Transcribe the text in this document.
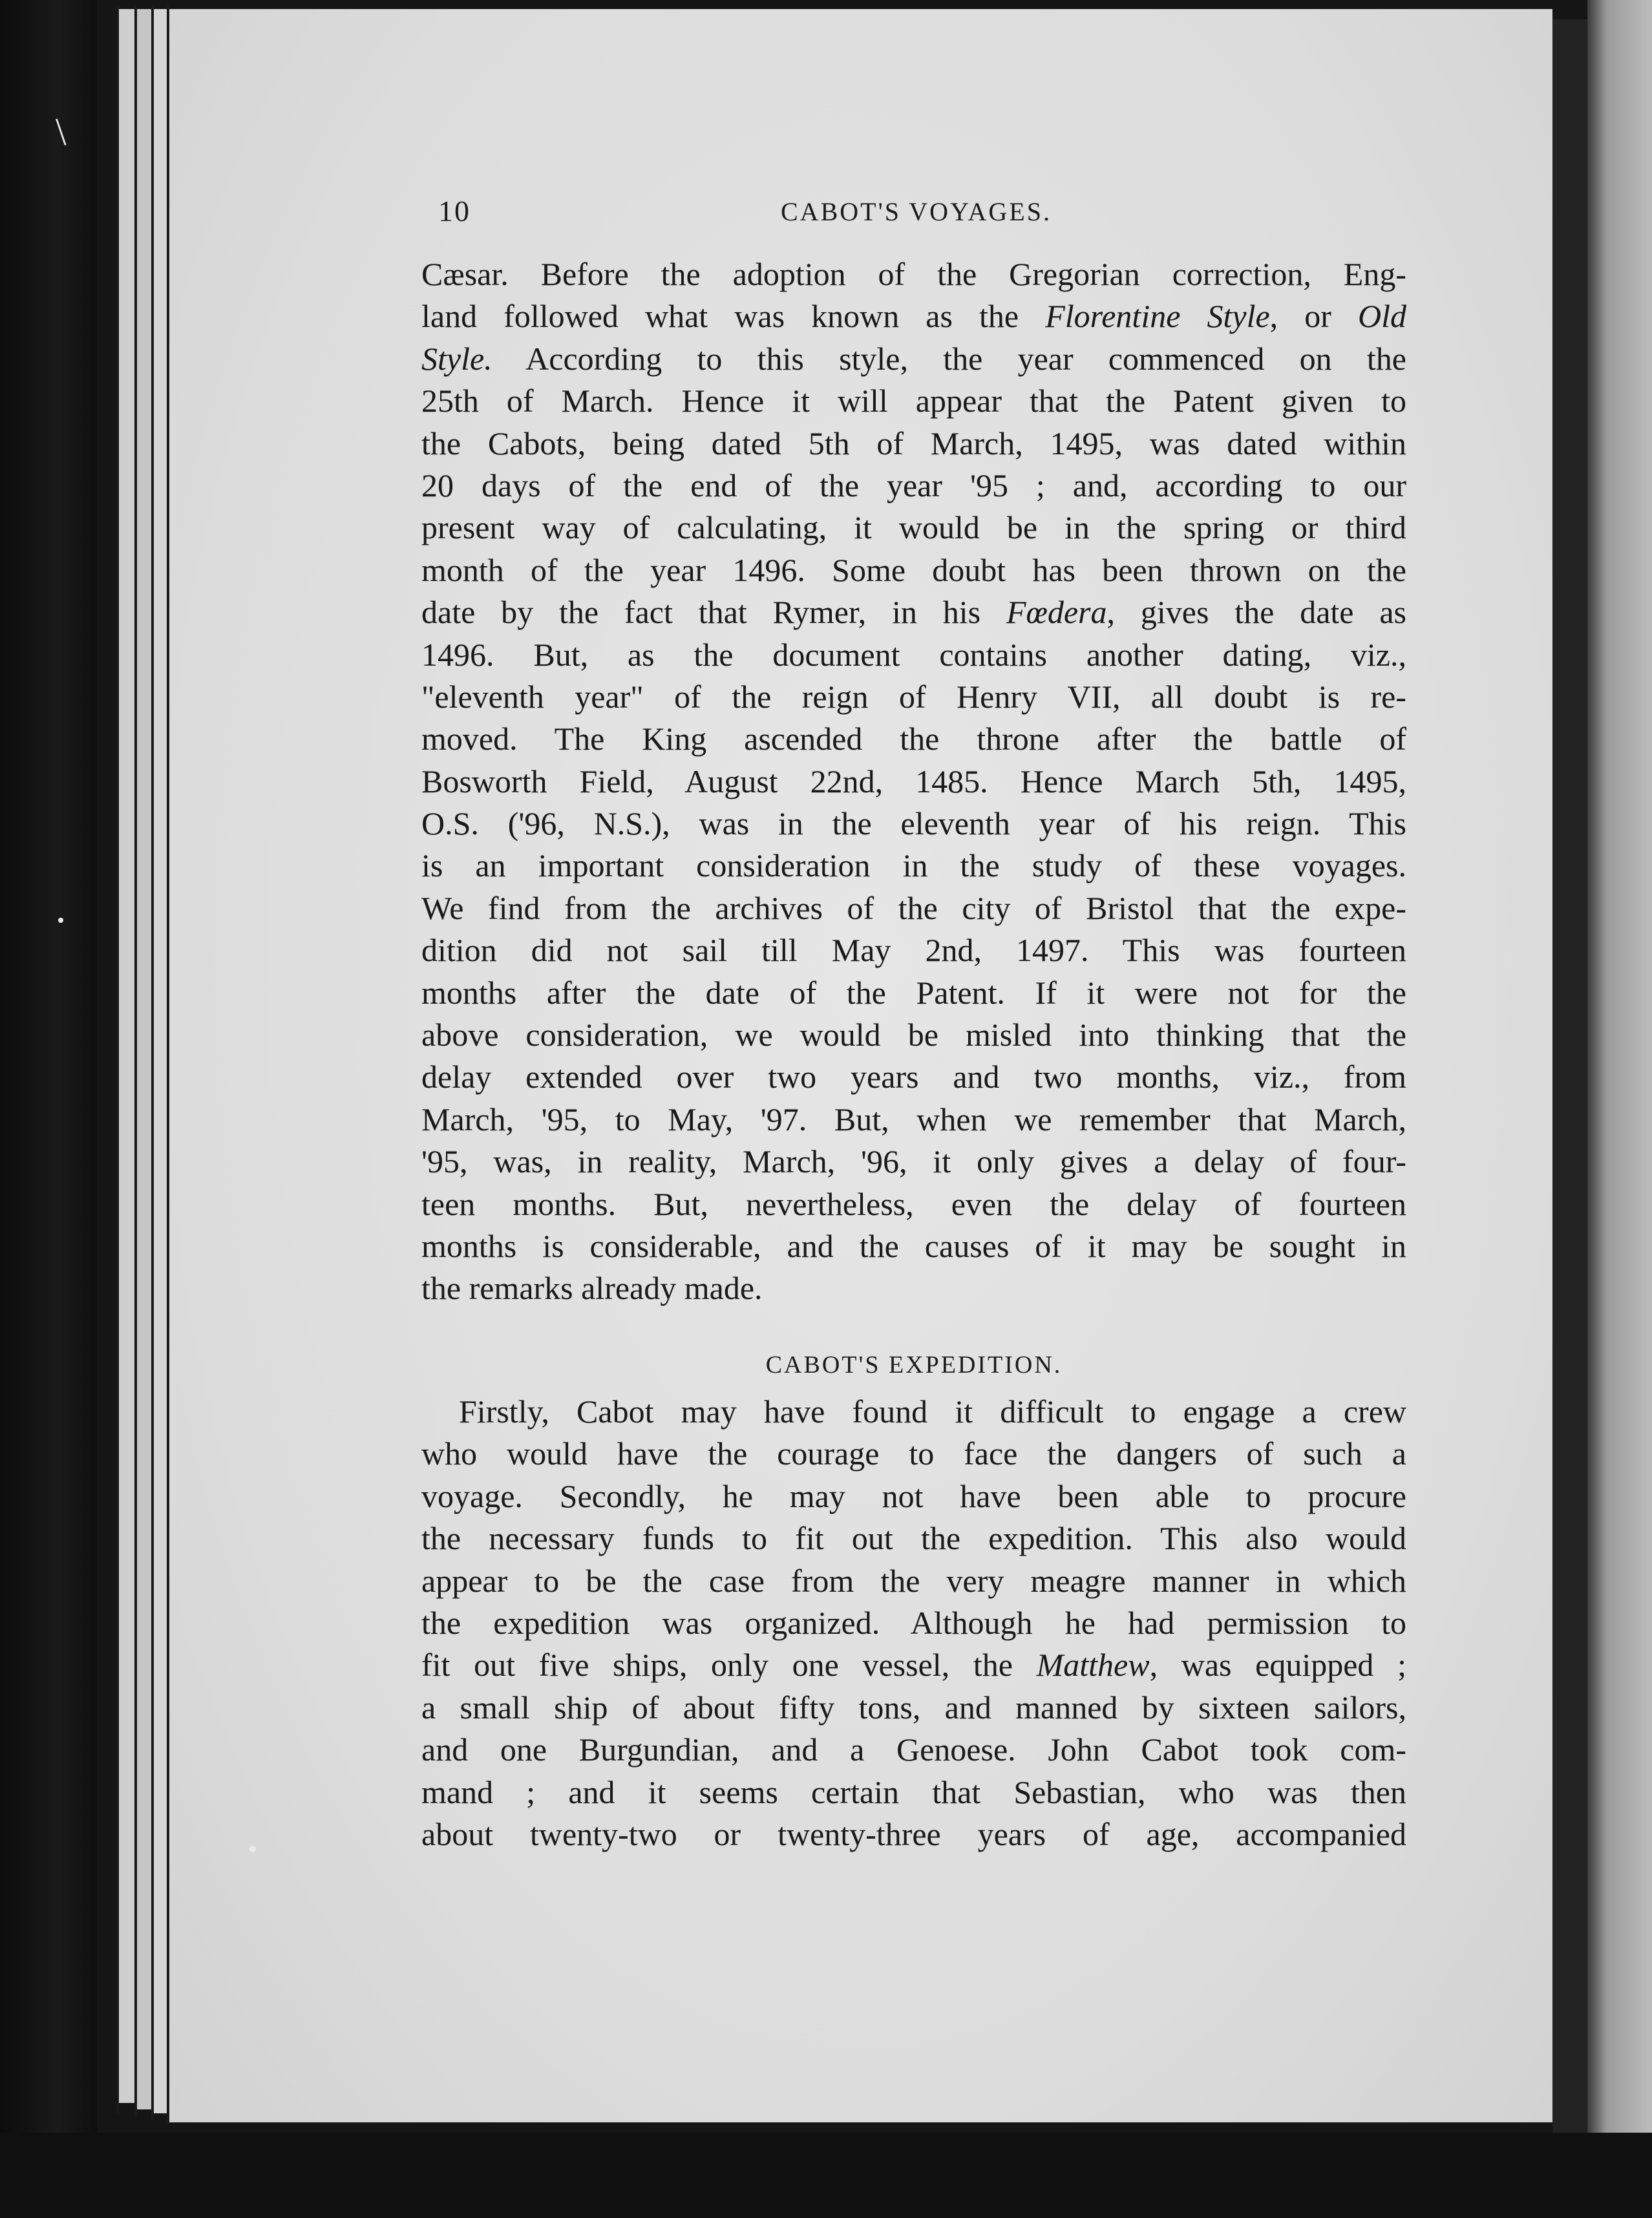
\
10	CABOT'S VOYAGES.
Cæsar. Before the adoption of the Gregorian correction, Eng-
land followed what was known as the Florentine Style, or Old
Style. According to this style, the year commenced on the
25th of March. Hence it will appear that the Patent given to
the Cabots, being dated 5th of March, 1495, was dated within
20 days of the end of the year '95 ; and, according to our
present way of calculating, it would be in the spring or third
month of the year 1496. Some doubt has been thrown on the
date by the fact that Rymer, in his Fœdera, gives the date as
1496. But, as the document contains another dating, viz.,
"eleventh year" of the reign of Henry VII, all doubt is re-
moved. The King ascended the throne after the battle of
Bosworth Field, August 22nd, 1485. Hence March 5th, 1495,
O.S. ('96, N.S.), was in the eleventh year of his reign. This
is an important consideration in the study of these voyages.
We find from the archives of the city of Bristol that the expe-
dition did not sail till May 2nd, 1497. This was fourteen
months after the date of the Patent. If it were not for the
above consideration, we would be misled into thinking that the
delay extended over two years and two months, viz., from
March, '95, to May, '97. But, when we remember that March,
'95, was, in reality, March, '96, it only gives a delay of four-
teen months. But, nevertheless, even the delay of fourteen
months is considerable, and the causes of it may be sought in
the remarks already made.
CABOT'S EXPEDITION.
Firstly, Cabot may have found it difficult to engage a crew
who would have the courage to face the dangers of such a
voyage. Secondly, he may not have been able to procure
the necessary funds to fit out the expedition. This also would
appear to be the case from the very meagre manner in which
the expedition was organized. Although he had permission to
fit out five ships, only one vessel, the Matthew, was equipped ;
a small ship of about fifty tons, and manned by sixteen sailors,
and one Burgundian, and a Genoese. John Cabot took com-
mand ; and it seems certain that Sebastian, who was then
about twenty-two or twenty-three years of age, accompanied
